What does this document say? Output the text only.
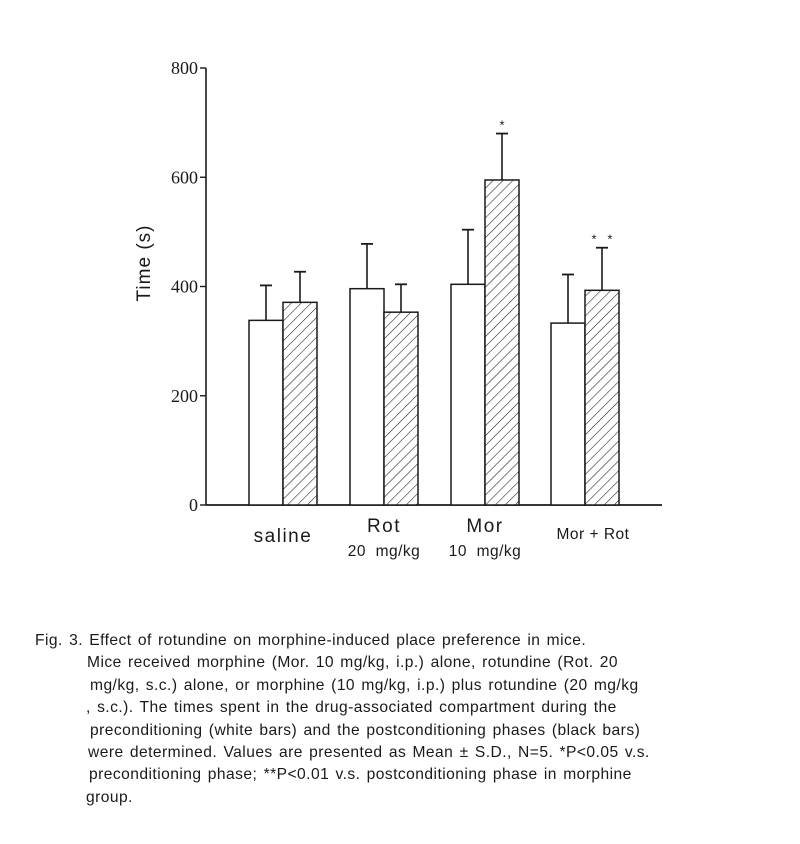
0
200
400
600
800
*
*   *
saline	Rot
20  mg/kg
Mor
10  mg/kg
Mor + Rot
Time (s)
Fig. 3. Effect of rotundine on morphine-induced place preference in mice.
Mice received morphine (Mor. 10 mg/kg, i.p.) alone, rotundine (Rot. 20
mg/kg, s.c.) alone, or morphine (10 mg/kg, i.p.) plus rotundine (20 mg/kg
, s.c.). The times spent in the drug-associated compartment during the
preconditioning (white bars) and the postconditioning phases (black bars)
were determined. Values are presented as Mean ± S.D., N=5. *P<0.05 v.s.
preconditioning phase; **P<0.01 v.s. postconditioning phase in morphine
group.
